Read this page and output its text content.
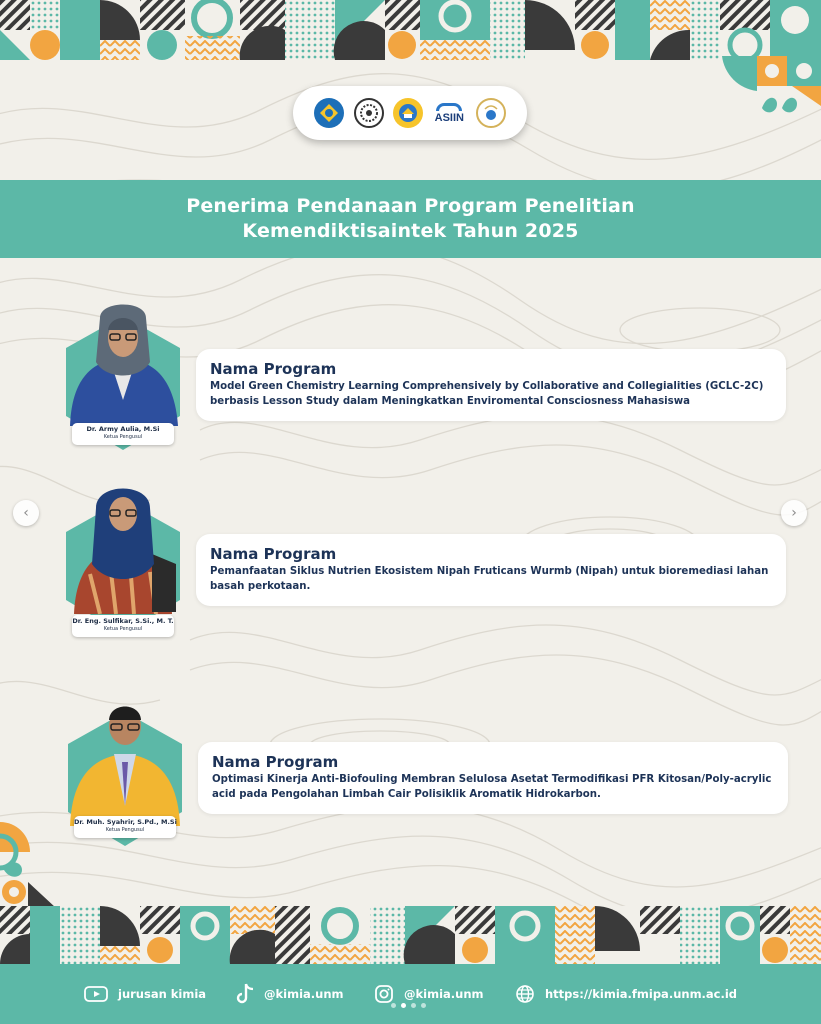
ASIIN
Penerima Pendanaan Program Penelitian
Kemendiktisaintek Tahun 2025
‹	›
Dr. Army Auliа, M.Si
Ketua Pengusul
Nama Program
Model Green Chemistry Learning Comprehensively by Collaborative and Collegialities (GCLC-2C) berbasis Lesson Study dalam Meningkatkan Enviromental Consciosness Mahasiswa
Dr. Eng. Sulfikar, S.Si., M. T.
Ketua Pengusul
Nama Program
Pemanfaatan Siklus Nutrien Ekosistem Nipah Fruticans Wurmb (Nipah) untuk bioremediasi lahan basah perkotaan.
Dr. Muh. Syahrir, S.Pd., M.Si
Ketua Pengusul
Nama Program
Optimasi Kinerja Anti-Biofouling Membran Selulosa Asetat Termodifikasi PFR Kitosan/Poly-acrylic acid pada Pengolahan Limbah Cair Polisiklik Aromatik Hidrokarbon.
jurusan kimia	@kimia.unm	@kimia.unm	https://kimia.fmipa.unm.ac.id
